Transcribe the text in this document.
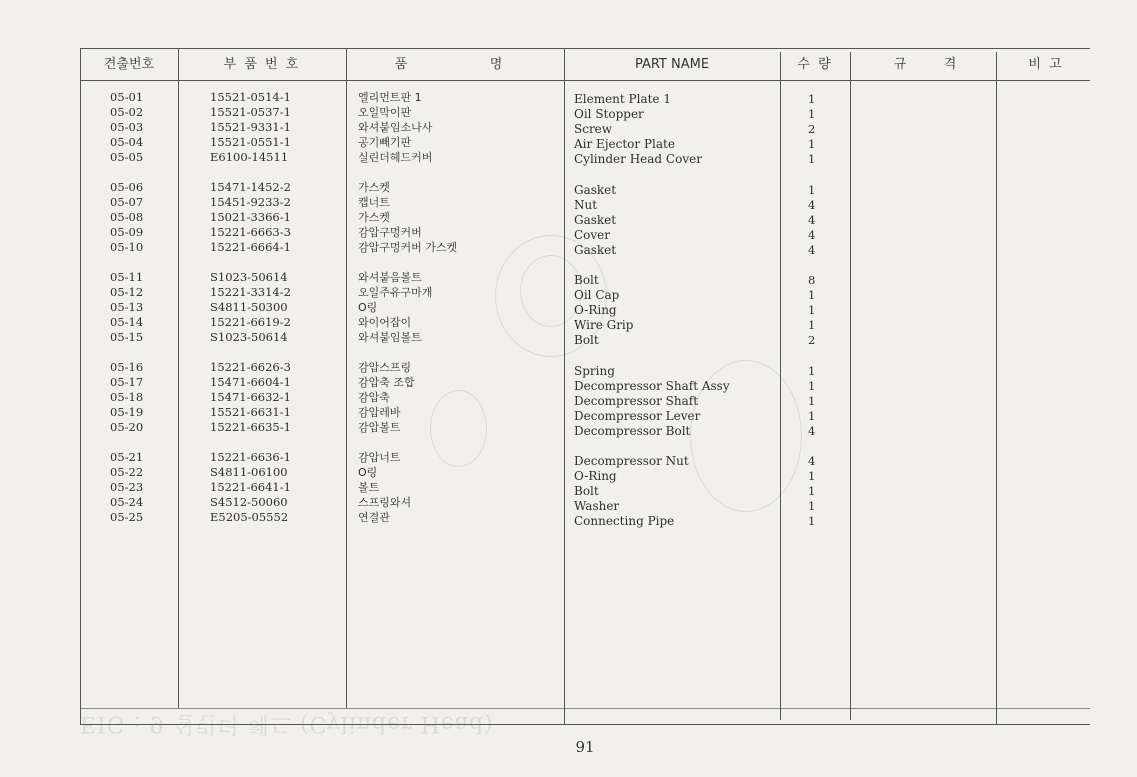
견출번호	부 품 번 호	품	명	PART NAME	수 량	규	격	비 고
05-01	15521-0514-1	엘리먼트판 1	Element Plate 1	1
05-02	15521-0537-1	오일막이판	Oil Stopper	1
05-03	15521-9331-1	와셔붙임소나사	Screw	2
05-04	15521-0551-1	공기빼기판	Air Ejector Plate	1
05-05	E6100-14511	실린더헤드커버	Cylinder Head Cover	1
05-06	15471-1452-2	가스켓	Gasket	1
05-07	15451-9233-2	캡너트	Nut	4
05-08	15021-3366-1	가스켓	Gasket	4
05-09	15221-6663-3	감압구멍커버	Cover	4
05-10	15221-6664-1	감압구멍커버 가스켓	Gasket	4
05-11	S1023-50614	와셔붙음볼트	Bolt	8
05-12	15221-3314-2	오일주유구마개	Oil Cap	1
05-13	S4811-50300	O링	O-Ring	1
05-14	15221-6619-2	와이어잡이	Wire Grip	1
05-15	S1023-50614	와셔붙임볼트	Bolt	2
05-16	15221-6626-3	감압스프링	Spring	1
05-17	15471-6604-1	감압축 조합	Decompressor Shaft Assy	1
05-18	15471-6632-1	감압축	Decompressor Shaft	1
05-19	15521-6631-1	감압레바	Decompressor Lever	1
05-20	15221-6635-1	감압볼트	Decompressor Bolt	4
05-21	15221-6636-1	감압너트	Decompressor Nut	4
05-22	S4811-06100	O링	O-Ring	1
05-23	15221-6641-1	볼트	Bolt	1
05-24	S4512-50060	스프링와셔	Washer	1
05-25	E5205-05552	연결관	Connecting Pipe	1
EIG : 9 실린더 헤드 (Cylinder Head)
91
